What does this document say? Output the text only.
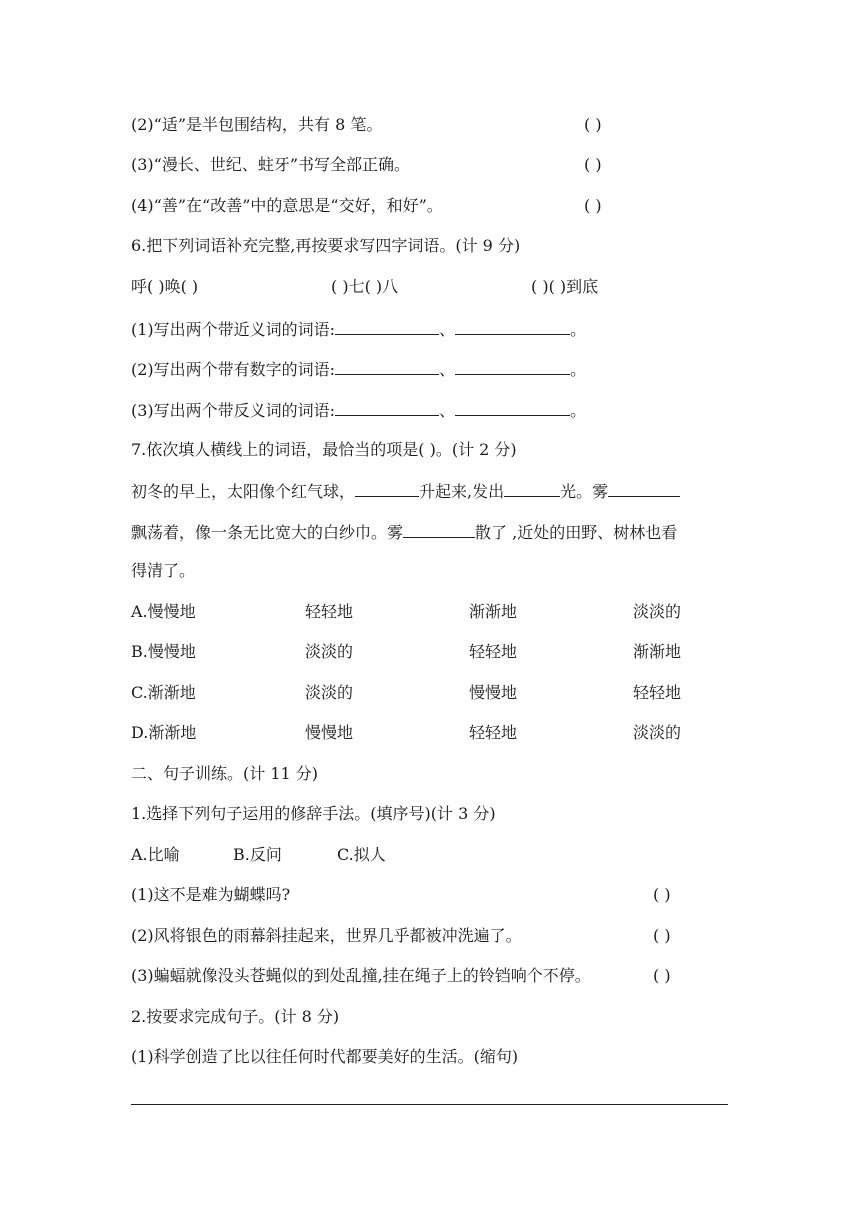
(2)“适”是半包围结构，共有 8 笔。	( )
(3)“漫长、世纪、蛀牙”书写全部正确。	( )
(4)“善”在“改善”中的意思是“交好，和好”。	( )
6.把下列词语补充完整,再按要求写四字词语。(计 9 分)
呼( )唤( )	( )七( )八	( )( )到底
(1)写出两个带近义词的词语:	、	。
(2)写出两个带有数字的词语:	、	。
(3)写出两个带反义词的词语:	、	。
7.依次填人横线上的词语，最恰当的项是( )。(计 2 分)
初冬的早上，太阳像个红气球，	升起来,发出	光。雾
飘荡着，像一条无比宽大的白纱巾。雾	散了 ,近处的田野、树林也看
得清了。
A.慢慢地	轻轻地	渐渐地	淡淡的
B.慢慢地	淡淡的	轻轻地	渐渐地
C.渐渐地	淡淡的	慢慢地	轻轻地
D.渐渐地	慢慢地	轻轻地	淡淡的
二、句子训练。(计 11 分)
1.选择下列句子运用的修辞手法。(填序号)(计 3 分)
A.比喻	B.反问	C.拟人
(1)这不是难为蝴蝶吗?	( )
(2)风将银色的雨幕斜挂起来，世界几乎都被冲洗遍了。	( )
(3)蝙蝠就像没头苍蝇似的到处乱撞,挂在绳子上的铃铛响个不停。	( )
2.按要求完成句子。(计 8 分)
(1)科学创造了比以往任何时代都要美好的生活。(缩句)
